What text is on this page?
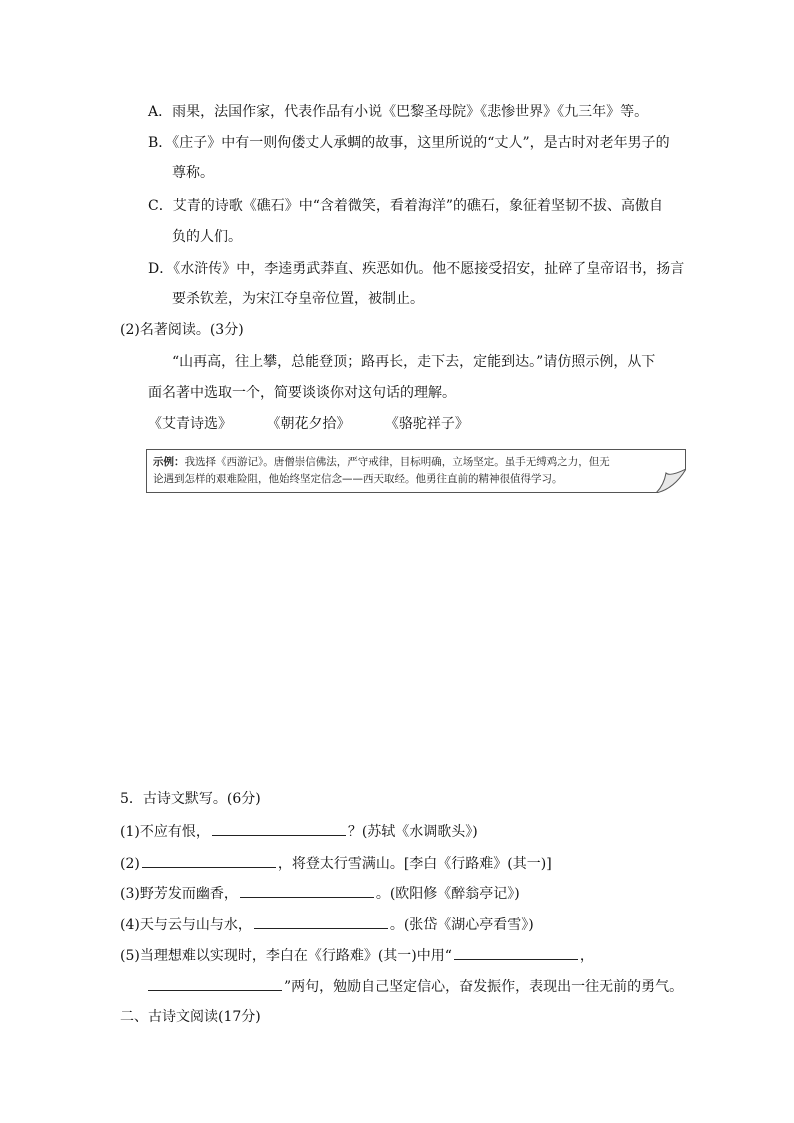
A．雨果，法国作家，代表作品有小说《巴黎圣母院》《悲惨世界》《九三年》等。
B．《庄子》中有一则佝偻丈人承蜩的故事，这里所说的“丈人”，是古时对老年男子的
尊称。
C．艾青的诗歌《礁石》中“含着微笑，看着海洋”的礁石，象征着坚韧不拔、高傲自
负的人们。
D．《水浒传》中，李逵勇武莽直、疾恶如仇。他不愿接受招安，扯碎了皇帝诏书，扬言
要杀钦差，为宋江夺皇帝位置，被制止。
(2)名著阅读。(3分)
“山再高，往上攀，总能登顶；路再长，走下去，定能到达。”请仿照示例，从下
面名著中选取一个，简要谈谈你对这句话的理解。
《艾青诗选》 《朝花夕拾》 《骆驼祥子》
示例：我选择《西游记》。唐僧崇信佛法，严守戒律，目标明确，立场坚定。虽手无缚鸡之力，但无
论遇到怎样的艰难险阻，他始终坚定信念——西天取经。他勇往直前的精神很值得学习。
5．古诗文默写。(6分)
(1)不应有恨，	？(苏轼《水调歌头》)
(2)	，将登太行雪满山。[李白《行路难》(其一)]
(3)野芳发而幽香，	。(欧阳修《醉翁亭记》)
(4)天与云与山与水，	。(张岱《湖心亭看雪》)
(5)当理想难以实现时，李白在《行路难》(其一)中用“	，
”两句，勉励自己坚定信心，奋发振作，表现出一往无前的勇气。
二、古诗文阅读(17分)
